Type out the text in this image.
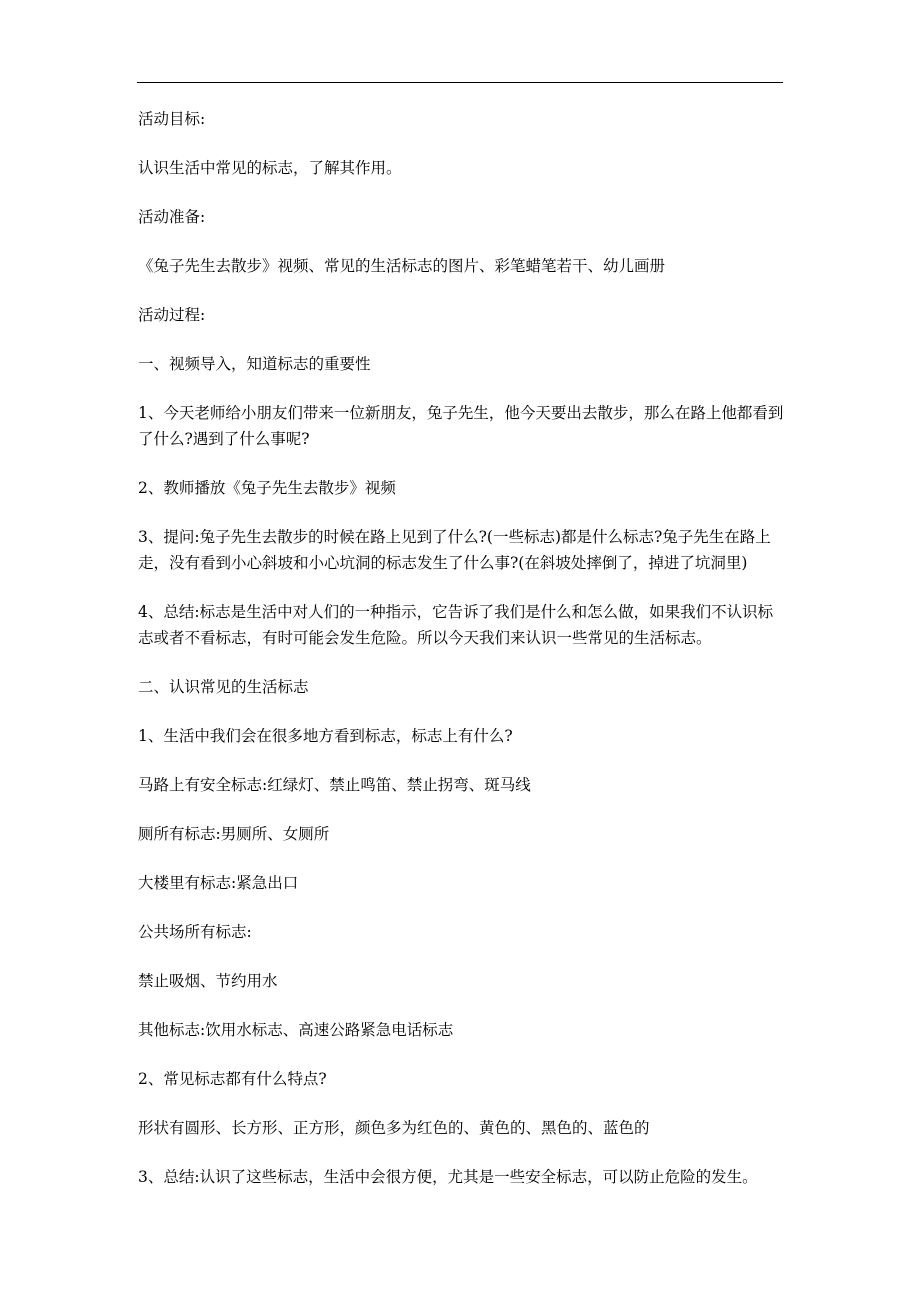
活动目标:

认识生活中常见的标志，了解其作用。

活动准备:

《兔子先生去散步》视频、常见的生活标志的图片、彩笔蜡笔若干、幼儿画册

活动过程:

一、视频导入，知道标志的重要性

1、今天老师给小朋友们带来一位新朋友，兔子先生，他今天要出去散步，那么在路上他都看到了什么?遇到了什么事呢?

2、教师播放《兔子先生去散步》视频

3、提问:兔子先生去散步的时候在路上见到了什么?(一些标志)都是什么标志?兔子先生在路上走，没有看到小心斜坡和小心坑洞的标志发生了什么事?(在斜坡处摔倒了，掉进了坑洞里)

4、总结:标志是生活中对人们的一种指示，它告诉了我们是什么和怎么做，如果我们不认识标志或者不看标志，有时可能会发生危险。所以今天我们来认识一些常见的生活标志。

二、认识常见的生活标志

1、生活中我们会在很多地方看到标志，标志上有什么?

马路上有安全标志:红绿灯、禁止鸣笛、禁止拐弯、斑马线

厕所有标志:男厕所、女厕所

大楼里有标志:紧急出口

公共场所有标志:

禁止吸烟、节约用水

其他标志:饮用水标志、高速公路紧急电话标志

2、常见标志都有什么特点?

形状有圆形、长方形、正方形，颜色多为红色的、黄色的、黑色的、蓝色的

3、总结:认识了这些标志，生活中会很方便，尤其是一些安全标志，可以防止危险的发生。
